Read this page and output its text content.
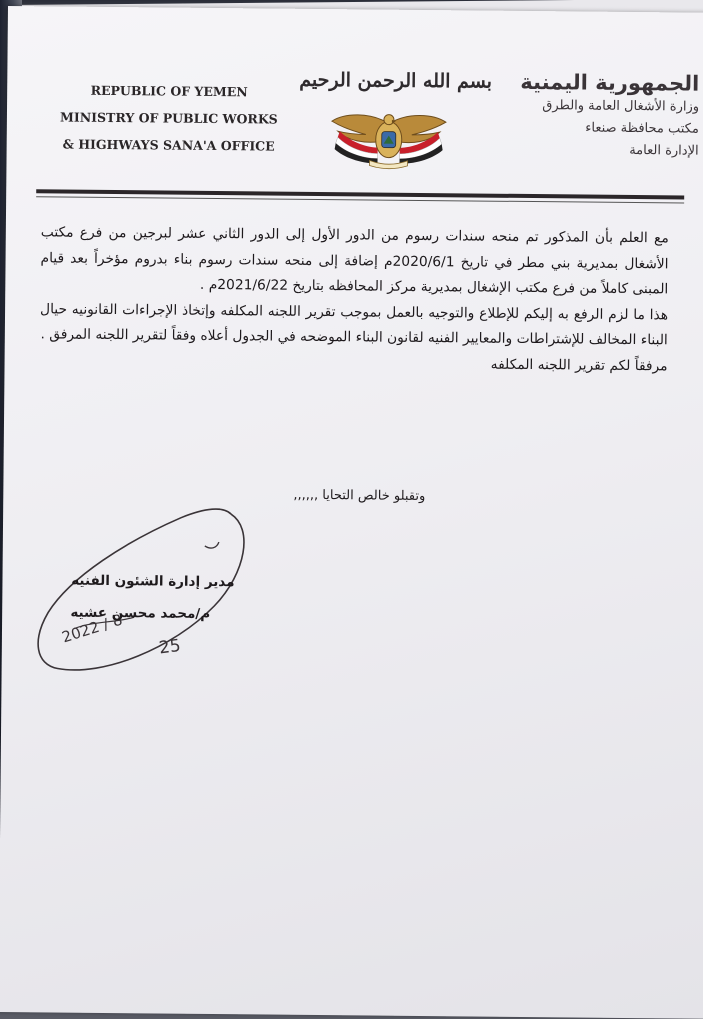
REPUBLIC OF YEMEN
MINISTRY OF PUBLIC WORKS
& HIGHWAYS SANA'A OFFICE
بسم الله الرحمن الرحيم الجمهورية اليمنية
وزارة الأشغال العامة والطرق
مكتب محافظة صنعاء
الإدارة العامة

مع العلم بأن المذكور تم منحه سندات رسوم من الدور الأول إلى الدور الثاني عشر لبرجين من فرع مكتب الأشغال بمديرية بني مطر في تاريخ 2020/6/1م إضافة إلى منحه سندات رسوم بناء بدروم مؤخراً بعد قيام المبنى كاملاً من فرع مكتب الإشغال بمديرية مركز المحافظه بتاريخ 2021/6/22م .

هذا ما لزم الرفع به إليكم للإطلاع والتوجيه بالعمل بموجب تقرير اللجنه المكلفه وإتخاذ الإجراءات القانونيه حيال البناء المخالف للإشتراطات والمعايير الفنيه لقانون البناء الموضحه في الجدول أعلاه وفقاً لتقرير اللجنه المرفق .

مرفقاً لكم تقرير اللجنه المكلفه

وتقبلو خالص التحايا ,,,,,,
2022 / 8
25
مدير إدارة الشئون الفنيه
م/محمد محسن عشيه
